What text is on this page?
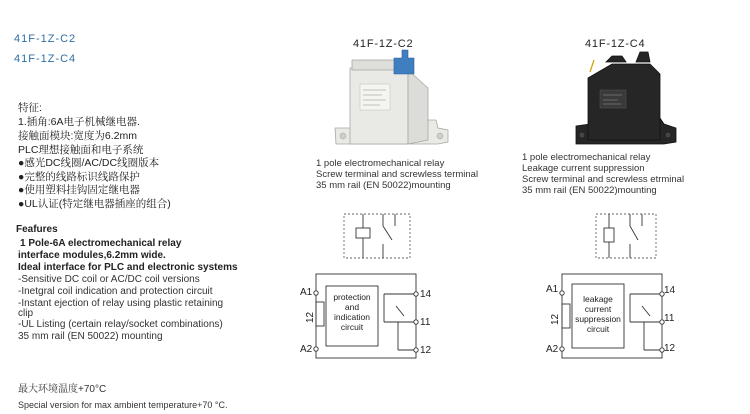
41F-1Z-C2
41F-1Z-C4
特征:
1.插角:6A电子机械继电器.
接触面模块:宽度为6.2mm
PLC理想接触面和电子系统
●感光DC线圈/AC/DC线圈版本
●完整的线路标识线路保护
●使用塑料挂钩固定继电器
●UL认证(特定继电器插座的组合)
Feafures
1 Pole-6A electromechanical relay
interface modules,6.2mm wide.
Ideal interface for PLC and electronic systems
-Sensitive DC coil or AC/DC coil versions
-Inetgral coil indication and protection circuit
-Instant ejection of relay using plastic retaining
clip
-UL Listing (certain relay/socket combinations)
35 mm rail (EN 50022) mounting
最大环境温度+70°C
Special version for max ambient temperature+70 °C.
41F-1Z-C2
1 pole electromechanical relay
Screw terminal and screwless terminal
35 mm rail (EN 50022)mounting
protection
and
indication
circuit
A1
A2
12
14
11
12
41F-1Z-C4
1 pole electromechanical relay
Leakage current suppression
Screw terminal and screwless etrminal
35 mm rail (EN 50022)mounting
leakage
current
suppression
circuit
A1
A2
12
14
11
12
